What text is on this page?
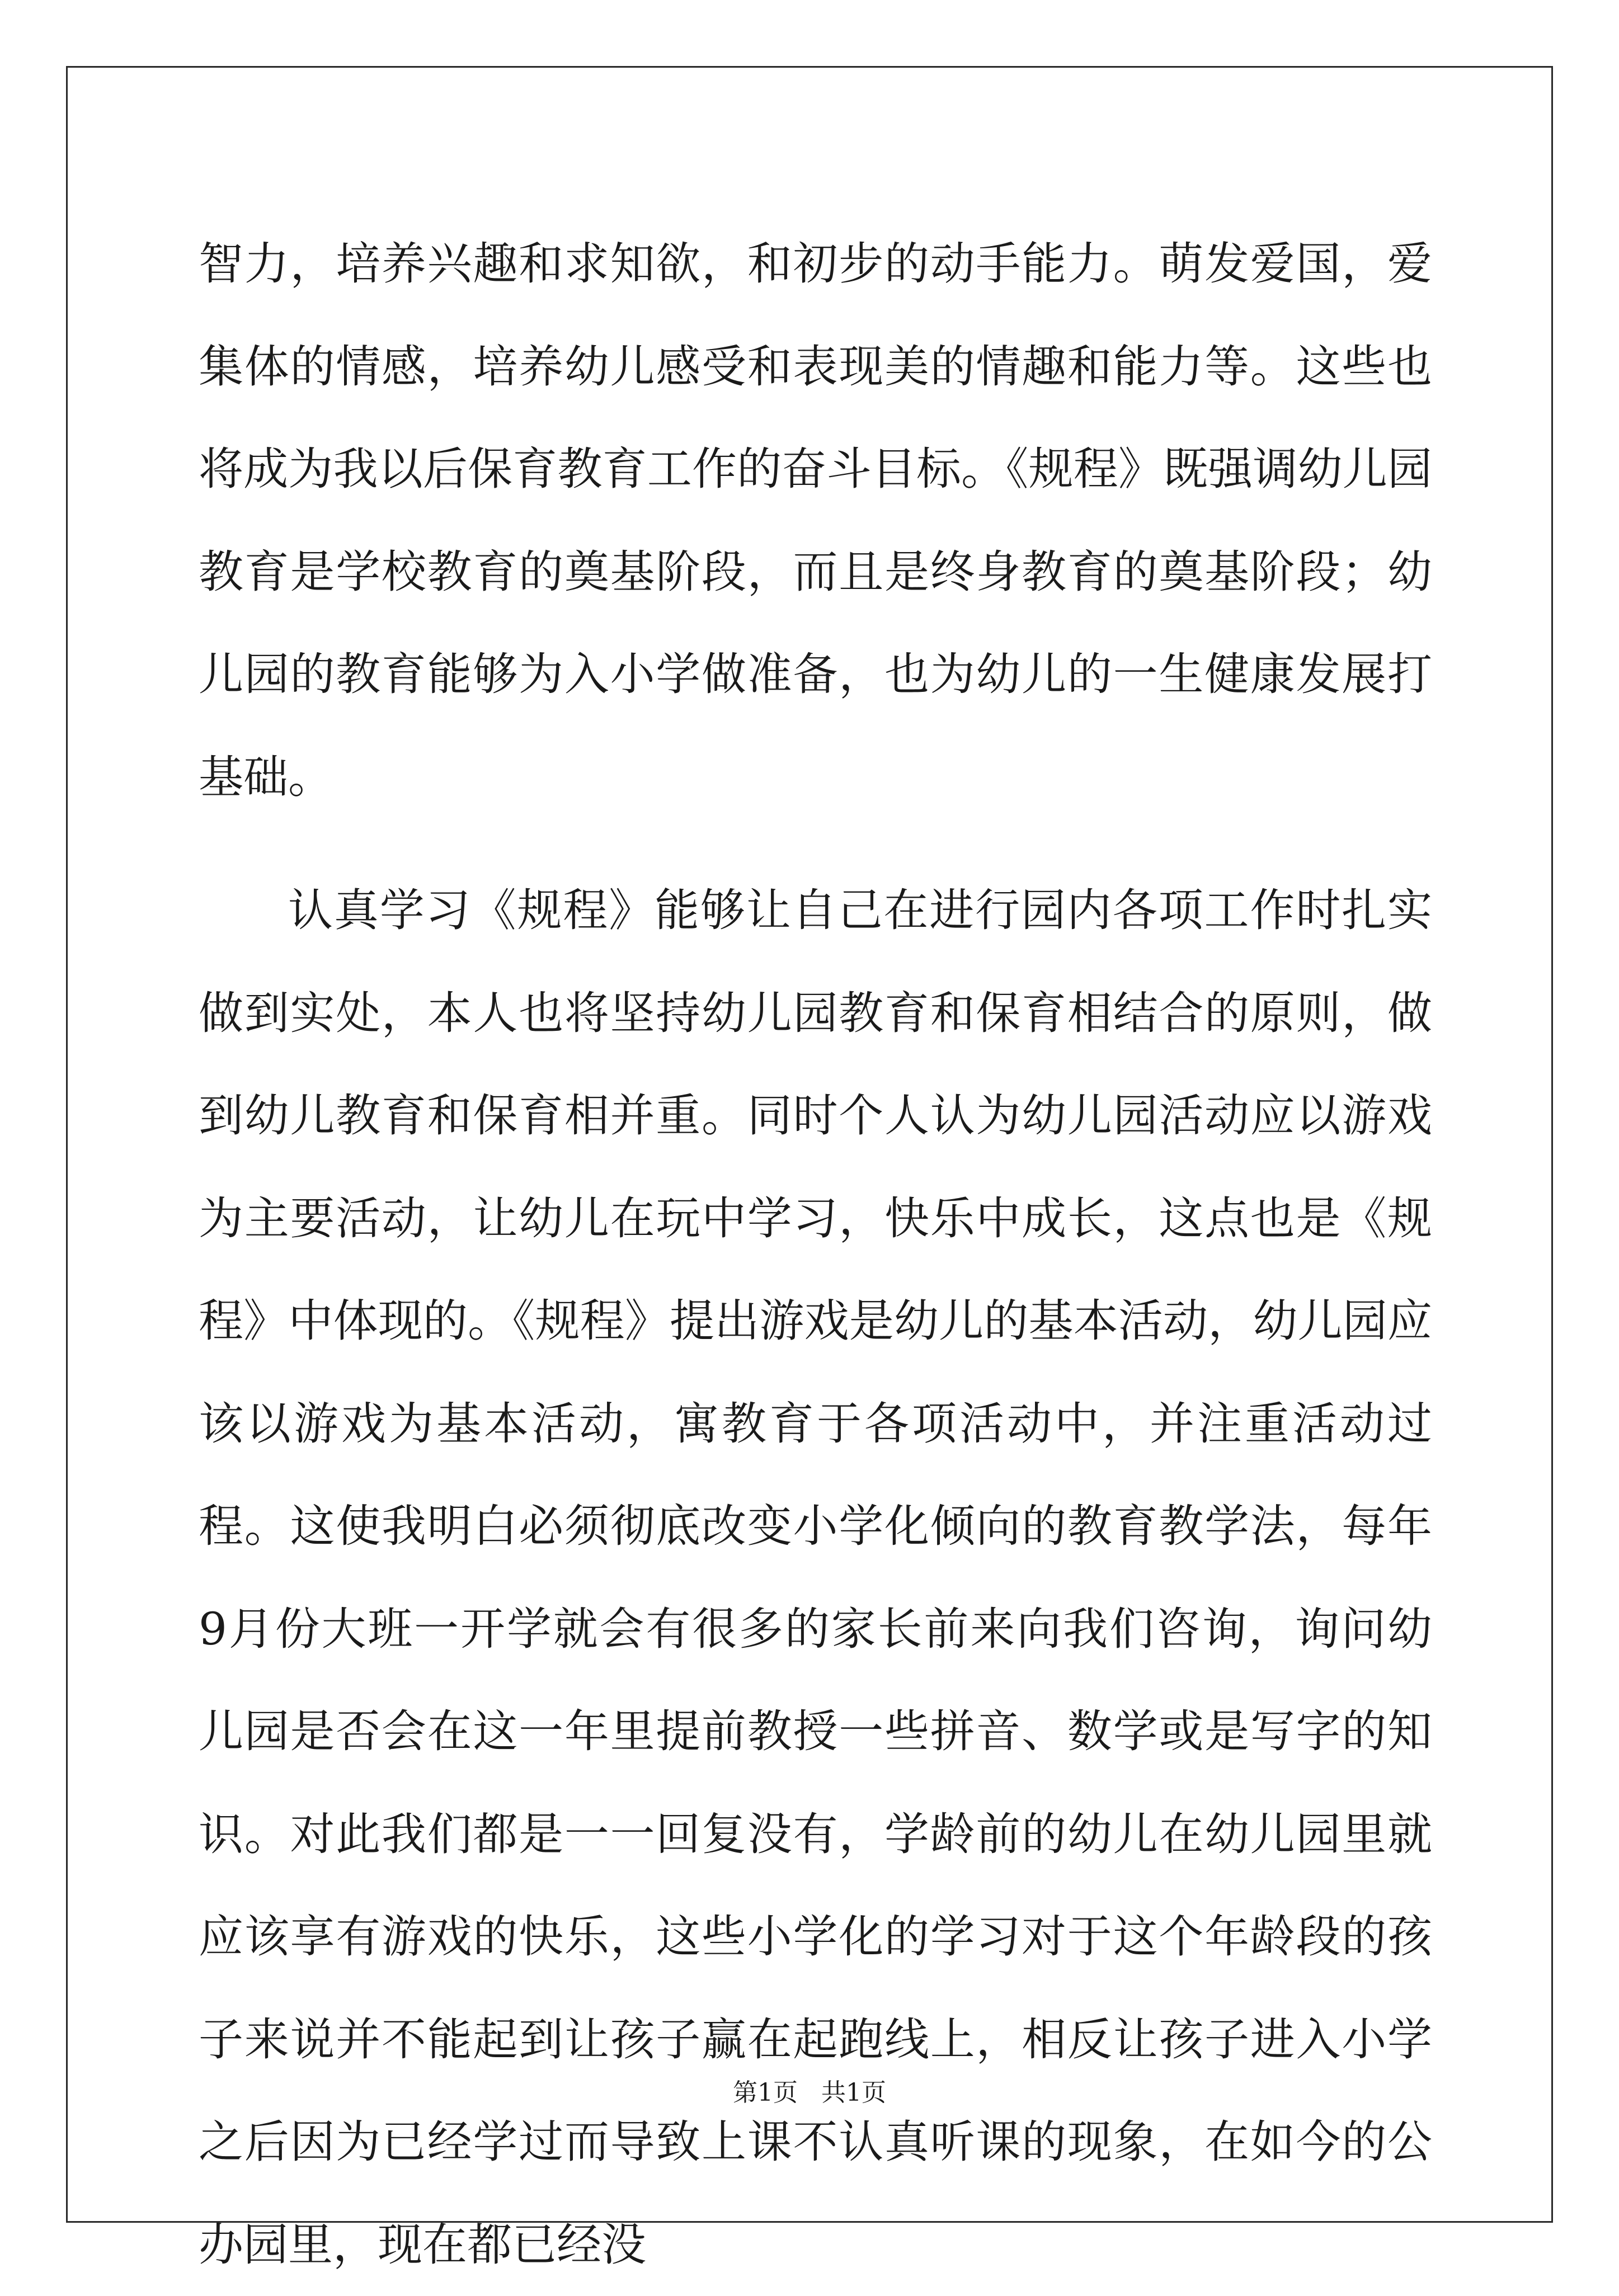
智力，培养兴趣和求知欲，和初步的动手能力。萌发爱国，爱集体的情感，培养幼儿感受和表现美的情趣和能力等。这些也将成为我以后保育教育工作的奋斗目标。《规程》既强调幼儿园教育是学校教育的奠基阶段，而且是终身教育的奠基阶段；幼儿园的教育能够为入小学做准备，也为幼儿的一生健康发展打基础。

认真学习《规程》能够让自己在进行园内各项工作时扎实做到实处，本人也将坚持幼儿园教育和保育相结合的原则，做到幼儿教育和保育相并重。同时个人认为幼儿园活动应以游戏为主要活动，让幼儿在玩中学习，快乐中成长，这点也是《规程》中体现的。《规程》提出游戏是幼儿的基本活动，幼儿园应该以游戏为基本活动，寓教育于各项活动中，并注重活动过程。这使我明白必须彻底改变小学化倾向的教育教学法，每年9月份大班一开学就会有很多的家长前来向我们咨询，询问幼儿园是否会在这一年里提前教授一些拼音、数学或是写字的知识。对此我们都是一一回复没有，学龄前的幼儿在幼儿园里就应该享有游戏的快乐，这些小学化的学习对于这个年龄段的孩子来说并不能起到让孩子赢在起跑线上，相反让孩子进入小学之后因为已经学过而导致上课不认真听课的现象，在如今的公办园里，现在都已经没

第1页   共1页
